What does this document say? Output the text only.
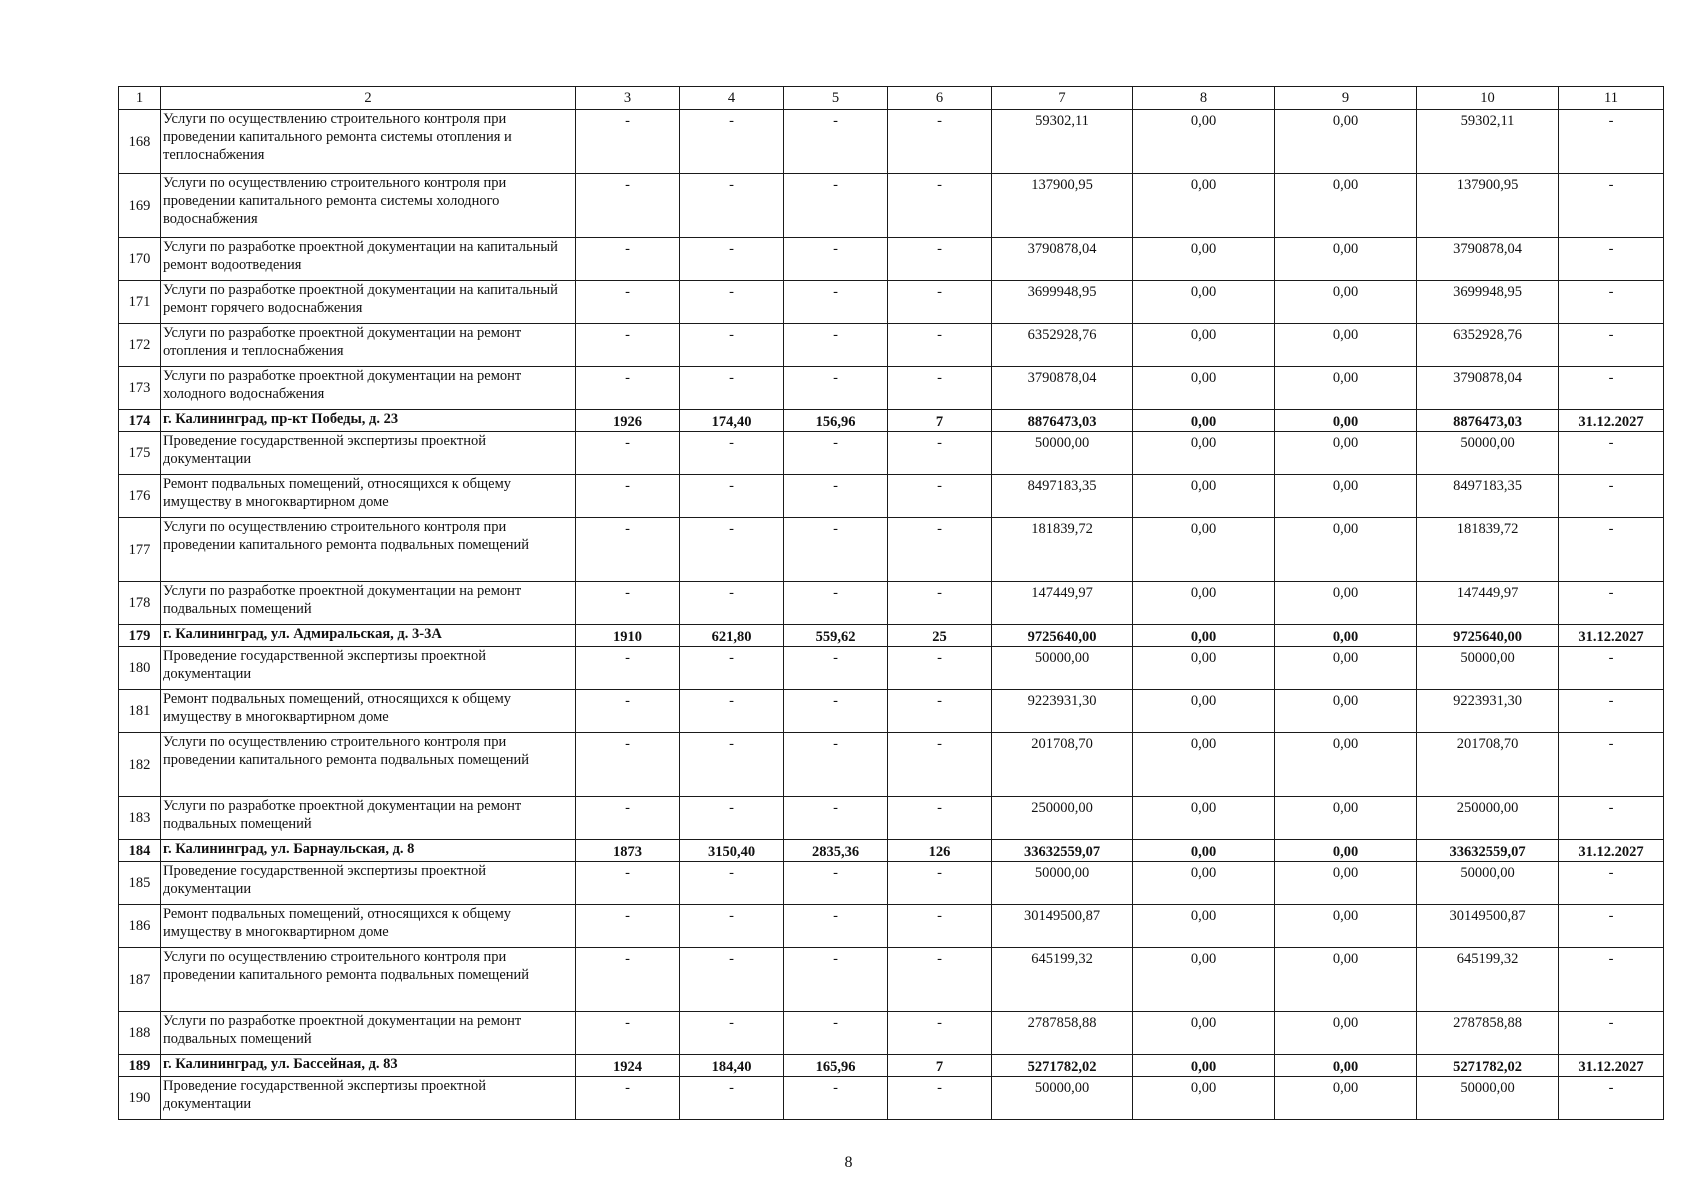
1	2	3	4	5	6	7	8	9	10	11
168	Услуги по осуществлению строительного контроля при проведении капитального ремонта системы отопления и теплоснабжения	-	-	-	-	59302,11	0,00	0,00	59302,11	-
169	Услуги по осуществлению строительного контроля при проведении капитального ремонта системы холодного водоснабжения	-	-	-	-	137900,95	0,00	0,00	137900,95	-
170	Услуги по разработке проектной документации на капитальный ремонт водоотведения	-	-	-	-	3790878,04	0,00	0,00	3790878,04	-
171	Услуги по разработке проектной документации на капитальный ремонт горячего водоснабжения	-	-	-	-	3699948,95	0,00	0,00	3699948,95	-
172	Услуги по разработке проектной документации на ремонт отопления и теплоснабжения	-	-	-	-	6352928,76	0,00	0,00	6352928,76	-
173	Услуги по разработке проектной документации на ремонт холодного водоснабжения	-	-	-	-	3790878,04	0,00	0,00	3790878,04	-
174	г. Калининград, пр-кт Победы, д. 23	1926	174,40	156,96	7	8876473,03	0,00	0,00	8876473,03	31.12.2027
175	Проведение государственной экспертизы проектной документации	-	-	-	-	50000,00	0,00	0,00	50000,00	-
176	Ремонт подвальных помещений, относящихся к общему имуществу в многоквартирном доме	-	-	-	-	8497183,35	0,00	0,00	8497183,35	-
177	Услуги по осуществлению строительного контроля при проведении капитального ремонта подвальных помещений	-	-	-	-	181839,72	0,00	0,00	181839,72	-
178	Услуги по разработке проектной документации на ремонт подвальных помещений	-	-	-	-	147449,97	0,00	0,00	147449,97	-
179	г. Калининград, ул. Адмиральская, д. 3-3А	1910	621,80	559,62	25	9725640,00	0,00	0,00	9725640,00	31.12.2027
180	Проведение государственной экспертизы проектной документации	-	-	-	-	50000,00	0,00	0,00	50000,00	-
181	Ремонт подвальных помещений, относящихся к общему имуществу в многоквартирном доме	-	-	-	-	9223931,30	0,00	0,00	9223931,30	-
182	Услуги по осуществлению строительного контроля при проведении капитального ремонта подвальных помещений	-	-	-	-	201708,70	0,00	0,00	201708,70	-
183	Услуги по разработке проектной документации на ремонт подвальных помещений	-	-	-	-	250000,00	0,00	0,00	250000,00	-
184	г. Калининград, ул. Барнаульская, д. 8	1873	3150,40	2835,36	126	33632559,07	0,00	0,00	33632559,07	31.12.2027
185	Проведение государственной экспертизы проектной документации	-	-	-	-	50000,00	0,00	0,00	50000,00	-
186	Ремонт подвальных помещений, относящихся к общему имуществу в многоквартирном доме	-	-	-	-	30149500,87	0,00	0,00	30149500,87	-
187	Услуги по осуществлению строительного контроля при проведении капитального ремонта подвальных помещений	-	-	-	-	645199,32	0,00	0,00	645199,32	-
188	Услуги по разработке проектной документации на ремонт подвальных помещений	-	-	-	-	2787858,88	0,00	0,00	2787858,88	-
189	г. Калининград, ул. Бассейная, д. 83	1924	184,40	165,96	7	5271782,02	0,00	0,00	5271782,02	31.12.2027
190	Проведение государственной экспертизы проектной документации	-	-	-	-	50000,00	0,00	0,00	50000,00	-
8
